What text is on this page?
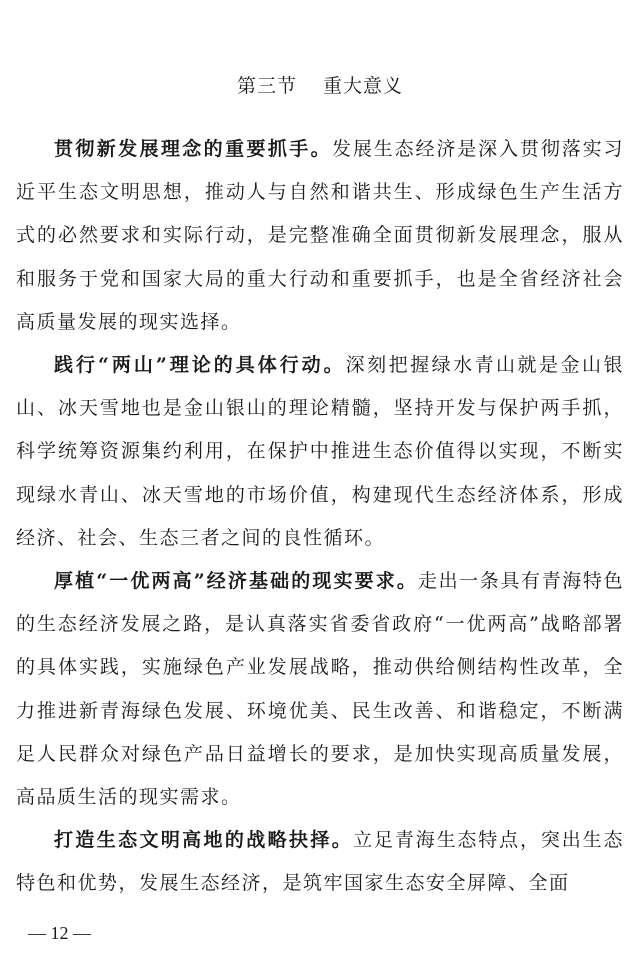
第三节 重大意义

贯彻新发展理念的重要抓手。发展生态经济是深入贯彻落实习近平生态文明思想，推动人与自然和谐共生、形成绿色生产生活方式的必然要求和实际行动，是完整准确全面贯彻新发展理念，服从和服务于党和国家大局的重大行动和重要抓手，也是全省经济社会高质量发展的现实选择。

践行“两山”理论的具体行动。深刻把握绿水青山就是金山银山、冰天雪地也是金山银山的理论精髓，坚持开发与保护两手抓，科学统筹资源集约利用，在保护中推进生态价值得以实现，不断实现绿水青山、冰天雪地的市场价值，构建现代生态经济体系，形成经济、社会、生态三者之间的良性循环。

厚植“一优两高”经济基础的现实要求。走出一条具有青海特色的生态经济发展之路，是认真落实省委省政府“一优两高”战略部署的具体实践，实施绿色产业发展战略，推动供给侧结构性改革，全力推进新青海绿色发展、环境优美、民生改善、和谐稳定，不断满足人民群众对绿色产品日益增长的要求，是加快实现高质量发展，高品质生活的现实需求。

打造生态文明高地的战略抉择。立足青海生态特点，突出生态特色和优势，发展生态经济，是筑牢国家生态安全屏障、全面

— 12 —
